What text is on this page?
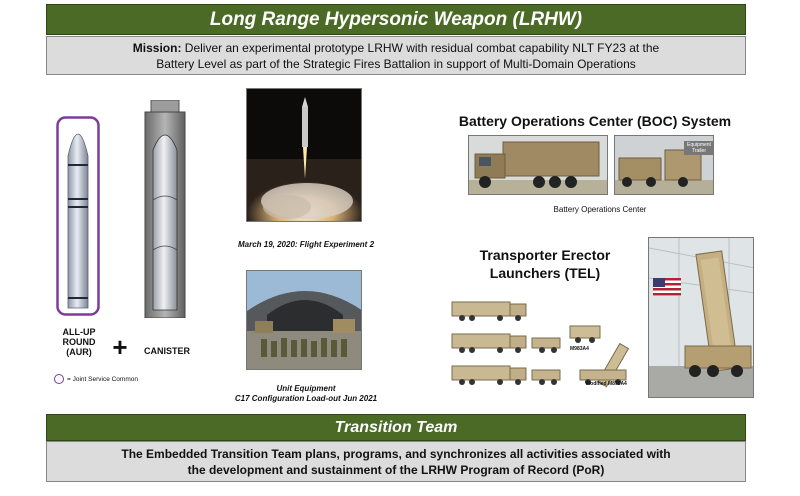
Long Range Hypersonic Weapon (LRHW)
Mission: Deliver an experimental prototype LRHW with residual combat capability NLT FY23 at the
Battery Level as part of the Strategic Fires Battalion in support of Multi-Domain Operations
ALL-UP
ROUND
(AUR) +	CANISTER
= Joint Service Common
March 19, 2020: Flight Experiment 2
Unit Equipment
C17 Configuration Load-out Jun 2021
Battery Operations Center (BOC) System
Equipment
Trailer
Battery Operations Center
Transporter Erector
Launchers (TEL)
M983A4
Modified M870A4
Transition Team
The Embedded Transition Team plans, programs, and synchronizes all activities associated with
the development and sustainment of the LRHW Program of Record (PoR)
